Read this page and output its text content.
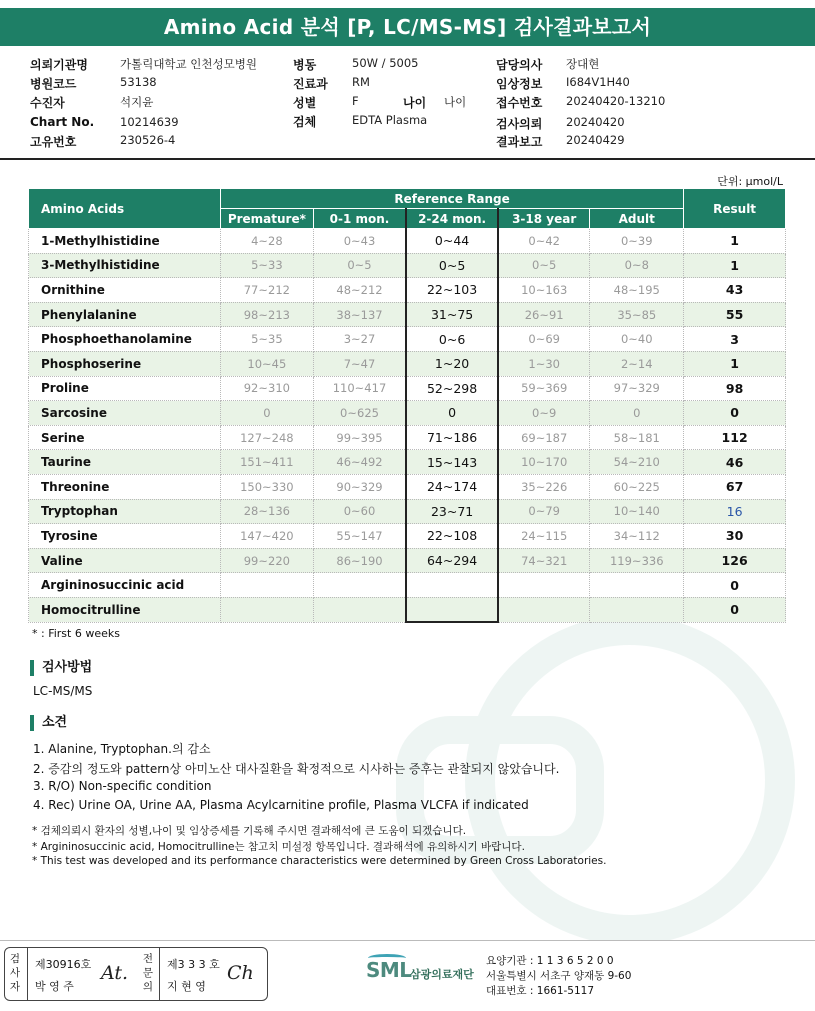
Amino Acid 분석 [P, LC/MS-MS] 검사결과보고서
의뢰기관명	가톨릭대학교 인천성모병원
병원코드	53138
수진자	석지윤
Chart No. 10214639
고유번호	230526-4
병동	50W / 5005
진료과 RM
성별	F	나이 나이
검체	EDTA Plasma
담당의사 장대현
임상정보 I684V1H40
접수번호 20240420-13210
검사의뢰 20240420
결과보고 20240429
단위: μmol/L
Amino Acids	Reference Range					Result
	Premature*	0-1 mon.	2-24 mon.	3-18 year	Adult	
1-Methylhistidine	4~28	0~43	0~44	0~42	0~39	1
3-Methylhistidine	5~33	0~5	0~5	0~5	0~8	1
Ornithine	77~212	48~212	22~103	10~163	48~195	43
Phenylalanine	98~213	38~137	31~75	26~91	35~85	55
Phosphoethanolamine	5~35	3~27	0~6	0~69	0~40	3
Phosphoserine	10~45	7~47	1~20	1~30	2~14	1
Proline	92~310	110~417	52~298	59~369	97~329	98
Sarcosine	0	0~625	0	0~9	0	0
Serine	127~248	99~395	71~186	69~187	58~181	112
Taurine	151~411	46~492	15~143	10~170	54~210	46
Threonine	150~330	90~329	24~174	35~226	60~225	67
Tryptophan	28~136	0~60	23~71	0~79	10~140	16
Tyrosine	147~420	55~147	22~108	24~115	34~112	30
Valine	99~220	86~190	64~294	74~321	119~336	126
Argininosuccinic acid						0
Homocitrulline						0
* : First 6 weeks
검사방법
LC-MS/MS
소견
1. Alanine, Tryptophan.의 감소
2. 증감의 정도와 pattern상 아미노산 대사질환을 확정적으로 시사하는 증후는 관찰되지 않았습니다.
3. R/O) Non-specific condition
4. Rec) Urine OA, Urine AA, Plasma Acylcarnitine profile, Plasma VLCFA if indicated
* 검체의뢰시 환자의 성별,나이 및 임상증세를 기록해 주시면 결과해석에 큰 도움이 되겠습니다.
* Argininosuccinic acid, Homocitrulline는 참고치 미설정 항목입니다. 결과해석에 유의하시기 바랍니다.
* This test was developed and its performance characteristics were determined by Green Cross Laboratories.
검사자
제30916호
박 영 주
At.
전문의
제3 3 3 호
지 현 영
Ch	SML
삼광의료재단
요양기관 : 1 1 3 6 5 2 0 0
서울특별시 서초구 양재동 9-60
대표번호 : 1661-5117
